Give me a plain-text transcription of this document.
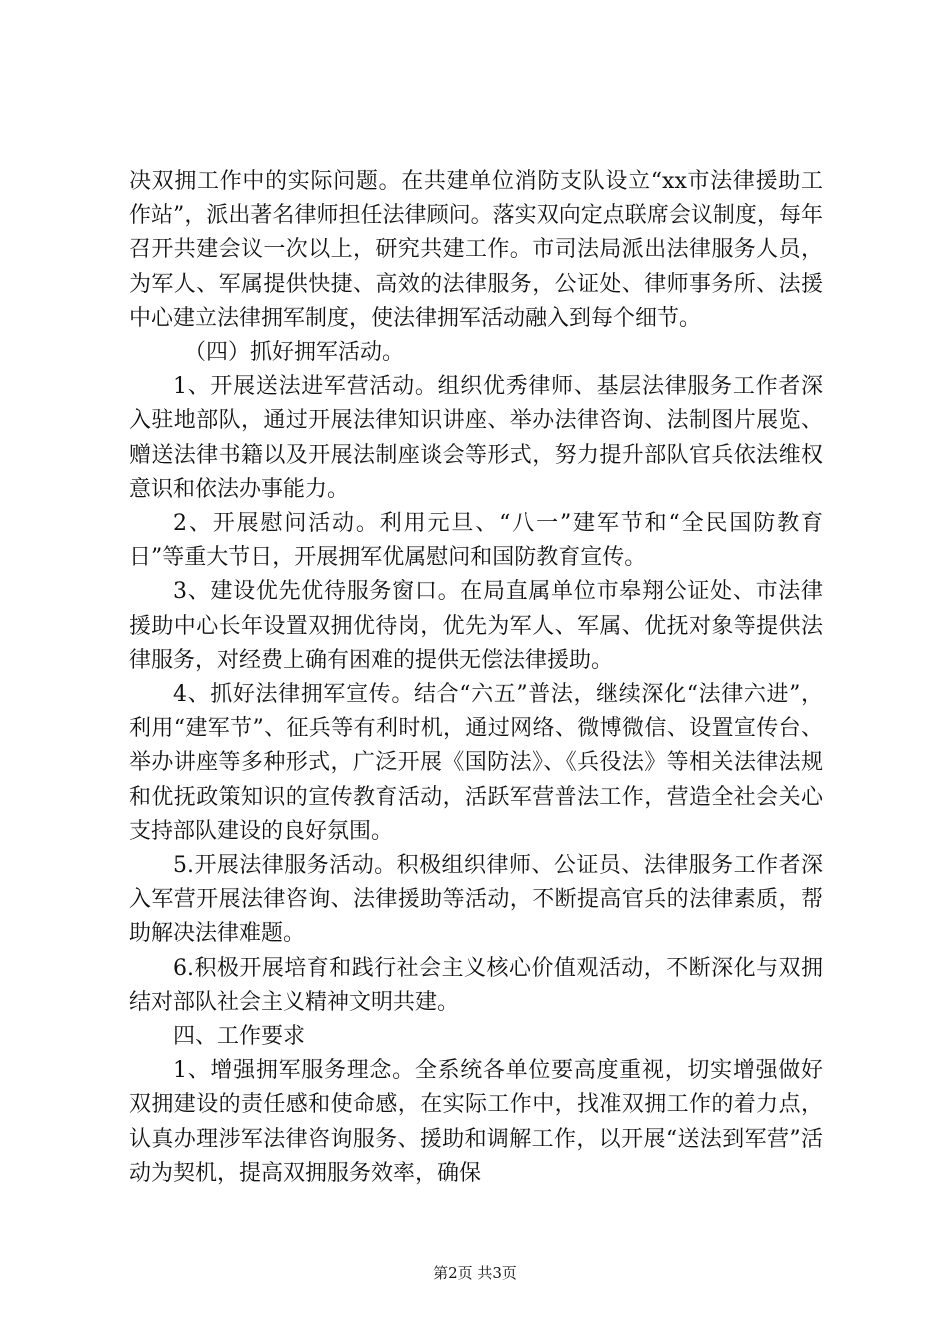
决双拥工作中的实际问题。在共建单位消防支队设立“xx市法律援助工作站”，派出著名律师担任法律顾问。落实双向定点联席会议制度，每年召开共建会议一次以上，研究共建工作。市司法局派出法律服务人员，为军人、军属提供快捷、高效的法律服务，公证处、律师事务所、法援中心建立法律拥军制度，使法律拥军活动融入到每个细节。

（四）抓好拥军活动。

1、开展送法进军营活动。组织优秀律师、基层法律服务工作者深入驻地部队，通过开展法律知识讲座、举办法律咨询、法制图片展览、赠送法律书籍以及开展法制座谈会等形式，努力提升部队官兵依法维权意识和依法办事能力。

2、开展慰问活动。利用元旦、“八一”建军节和“全民国防教育日”等重大节日，开展拥军优属慰问和国防教育宣传。

3、建设优先优待服务窗口。在局直属单位市皋翔公证处、市法律援助中心长年设置双拥优待岗，优先为军人、军属、优抚对象等提供法律服务，对经费上确有困难的提供无偿法律援助。

4、抓好法律拥军宣传。结合“六五”普法，继续深化“法律六进”，利用“建军节”、征兵等有利时机，通过网络、微博微信、设置宣传台、举办讲座等多种形式，广泛开展《国防法》、《兵役法》等相关法律法规和优抚政策知识的宣传教育活动，活跃军营普法工作，营造全社会关心支持部队建设的良好氛围。

5.开展法律服务活动。积极组织律师、公证员、法律服务工作者深入军营开展法律咨询、法律援助等活动，不断提高官兵的法律素质，帮助解决法律难题。

6.积极开展培育和践行社会主义核心价值观活动，不断深化与双拥结对部队社会主义精神文明共建。

四、工作要求

1、增强拥军服务理念。全系统各单位要高度重视，切实增强做好双拥建设的责任感和使命感，在实际工作中，找准双拥工作的着力点，认真办理涉军法律咨询服务、援助和调解工作，以开展“送法到军营”活动为契机，提高双拥服务效率，确保

第2页 共3页
